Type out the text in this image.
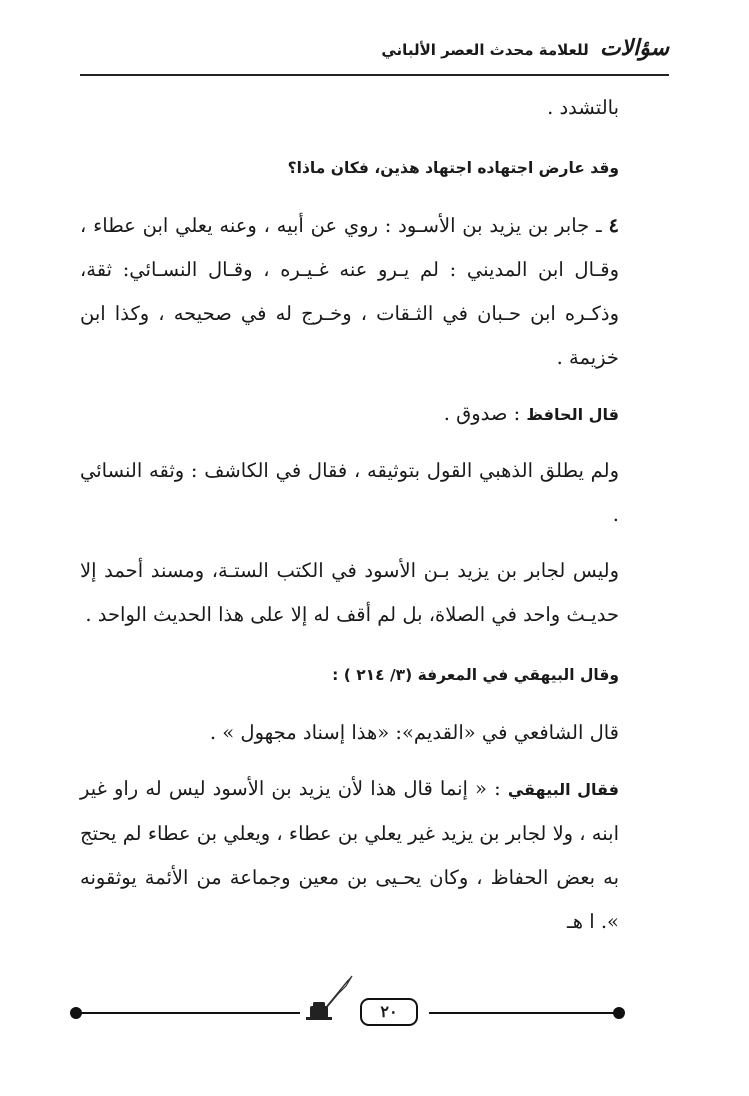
سؤالات للعلامة محدث العصر الألباني

بالتشدد .

وقد عارض اجتهاده اجتهاد هذين، فكان ماذا؟

٤ ـ جابر بن يزيد بن الأسـود : روي عن أبيه ، وعنه يعلي ابن عطاء ، وقـال ابن المديني : لم يـرو عنه غـيـره ، وقـال النسـائي: ثقة، وذكـره ابن حـبان في الثـقات ، وخـرج له في صحيحه ، وكذا ابن خزيمة .

قال الحافظ : صدوق .

ولم يطلق الذهبي القول بتوثيقه ، فقال في الكاشف : وثقه النسائي .

وليس لجابر بن يزيد بـن الأسود في الكتب الستـة، ومسند أحمد إلا حديـث واحد في الصلاة، بل لم أقف له إلا على هذا الحديث الواحد .

وقال البيهقي في المعرفة (٣/ ٢١٤ ) :

قال الشافعي في «القديم»: «هذا إسناد مجهول » .

فقال البيهقي : « إنما قال هذا لأن يزيد بن الأسود ليس له راو غير ابنه ، ولا لجابر بن يزيد غير يعلي بن عطاء ، ويعلي بن عطاء لم يحتج به بعض الحفاظ ، وكان يحـيى بن معين وجماعة من الأئمة يوثقونه ». ا هـ

٢٠
